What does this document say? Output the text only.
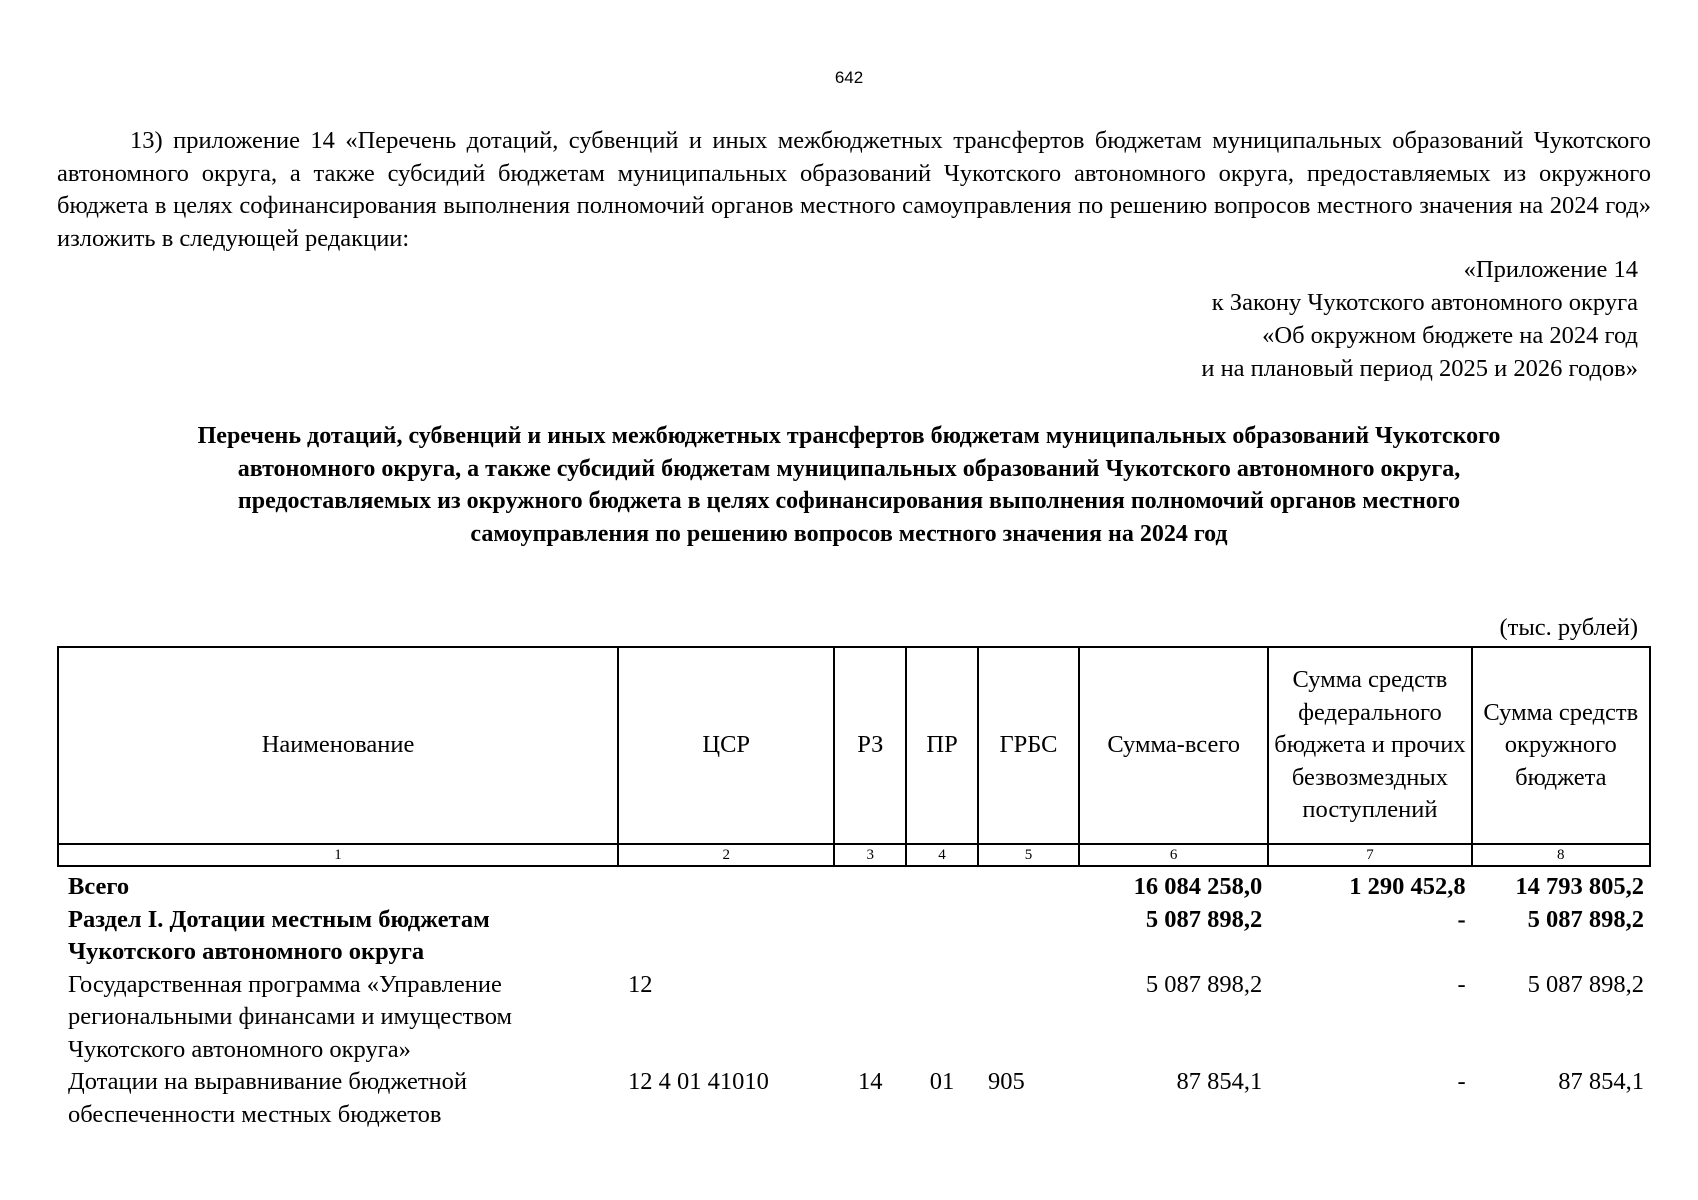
642

13) приложение 14 «Перечень дотаций, субвенций и иных межбюджетных трансфертов бюджетам муниципальных образований Чукотского автономного округа, а также субсидий бюджетам муниципальных образований Чукотского автономного округа, предоставляемых из окружного бюджета в целях софинансирования выполнения полномочий органов местного самоуправления по решению вопросов местного значения на 2024 год» изложить в следующей редакции:

«Приложение 14
к Закону Чукотского автономного округа
«Об окружном бюджете на 2024 год
и на плановый период 2025 и 2026 годов»
Перечень дотаций, субвенций и иных межбюджетных трансфертов бюджетам муниципальных образований Чукотского
автономного округа, а также субсидий бюджетам муниципальных образований Чукотского автономного округа,
предоставляемых из окружного бюджета в целях софинансирования выполнения полномочий органов местного
самоуправления по решению вопросов местного значения на 2024 год
(тыс. рублей)
Наименование	ЦСР	РЗ	ПР	ГРБС	Сумма-всего	Сумма средств федерального бюджета и прочих безвозмездных поступлений	Сумма средств окружного бюджета
1	2	3	4	5	6	7	8
Всего					16 084 258,0	1 290 452,8	14 793 805,2
Раздел I. Дотации местным бюджетам Чукотского автономного округа					5 087 898,2	-	5 087 898,2
Государственная программа «Управление региональными финансами и имуществом Чукотского автономного округа»	12				5 087 898,2	-	5 087 898,2
Дотации на выравнивание бюджетной обеспеченности местных бюджетов	12 4 01 41010	14	01	905	87 854,1	-	87 854,1
